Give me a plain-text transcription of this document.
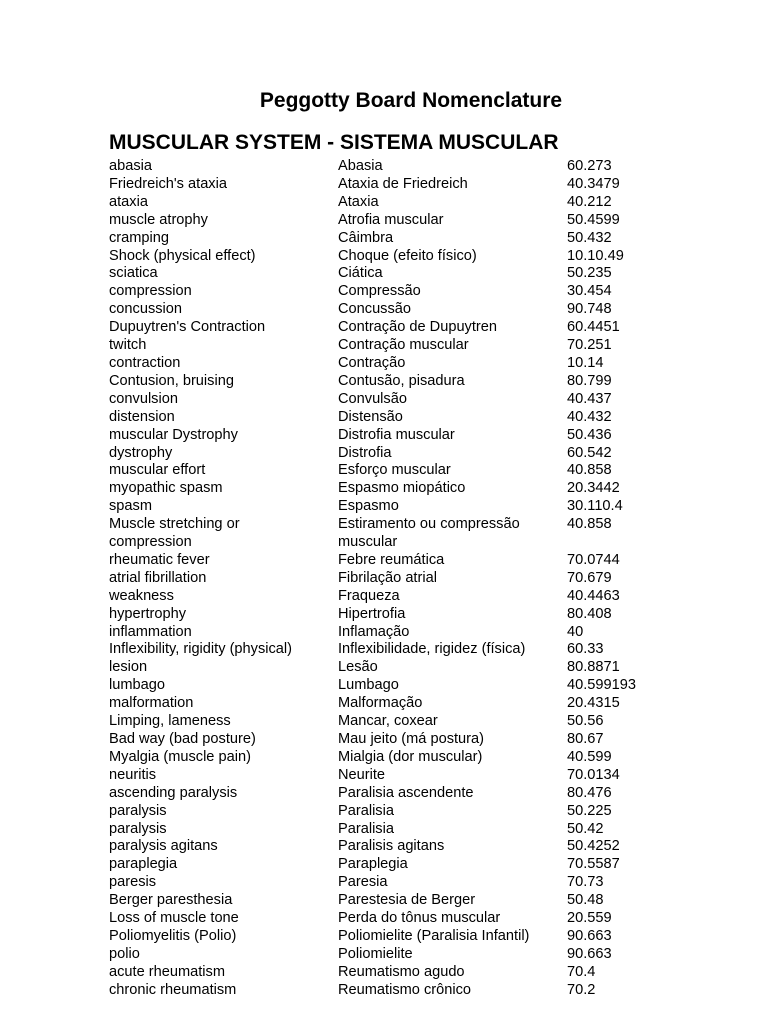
Peggotty Board Nomenclature
MUSCULAR SYSTEM - SISTEMA MUSCULAR
abasia	Abasia	60.273
Friedreich's ataxia	Ataxia de Friedreich	40.3479
ataxia	Ataxia	40.212
muscle atrophy	Atrofia muscular	50.4599
cramping	Câimbra	50.432
Shock (physical effect)	Choque (efeito físico)	10.10.49
sciatica	Ciática	50.235
compression	Compressão	30.454
concussion	Concussão	90.748
Dupuytren's Contraction	Contração de Dupuytren	60.4451
twitch	Contração muscular	70.251
contraction	Contração	10.14
Contusion, bruising	Contusão, pisadura	80.799
convulsion	Convulsão	40.437
distension	Distensão	40.432
muscular Dystrophy	Distrofia muscular	50.436
dystrophy	Distrofia	60.542
muscular effort	Esforço muscular	40.858
myopathic spasm	Espasmo miopático	20.3442
spasm	Espasmo	30.110.4
Muscle stretching or	Estiramento ou compressão	40.858
compression	muscular
rheumatic fever	Febre reumática	70.0744
atrial fibrillation	Fibrilação atrial	70.679
weakness	Fraqueza	40.4463
hypertrophy	Hipertrofia	80.408
inflammation	Inflamação	40
Inflexibility, rigidity (physical)	Inflexibilidade, rigidez (física)	60.33
lesion	Lesão	80.8871
lumbago	Lumbago	40.599193
malformation	Malformação	20.4315
Limping, lameness	Mancar, coxear	50.56
Bad way (bad posture)	Mau jeito (má postura)	80.67
Myalgia (muscle pain)	Mialgia (dor muscular)	40.599
neuritis	Neurite	70.0134
ascending paralysis	Paralisia ascendente	80.476
paralysis	Paralisia	50.225
paralysis	Paralisia	50.42
paralysis agitans	Paralisis agitans	50.4252
paraplegia	Paraplegia	70.5587
paresis	Paresia	70.73
Berger paresthesia	Parestesia de Berger	50.48
Loss of muscle tone	Perda do tônus muscular	20.559
Poliomyelitis (Polio)	Poliomielite (Paralisia Infantil)	90.663
polio	Poliomielite	90.663
acute rheumatism	Reumatismo agudo	70.4
chronic rheumatism	Reumatismo crônico	70.2
